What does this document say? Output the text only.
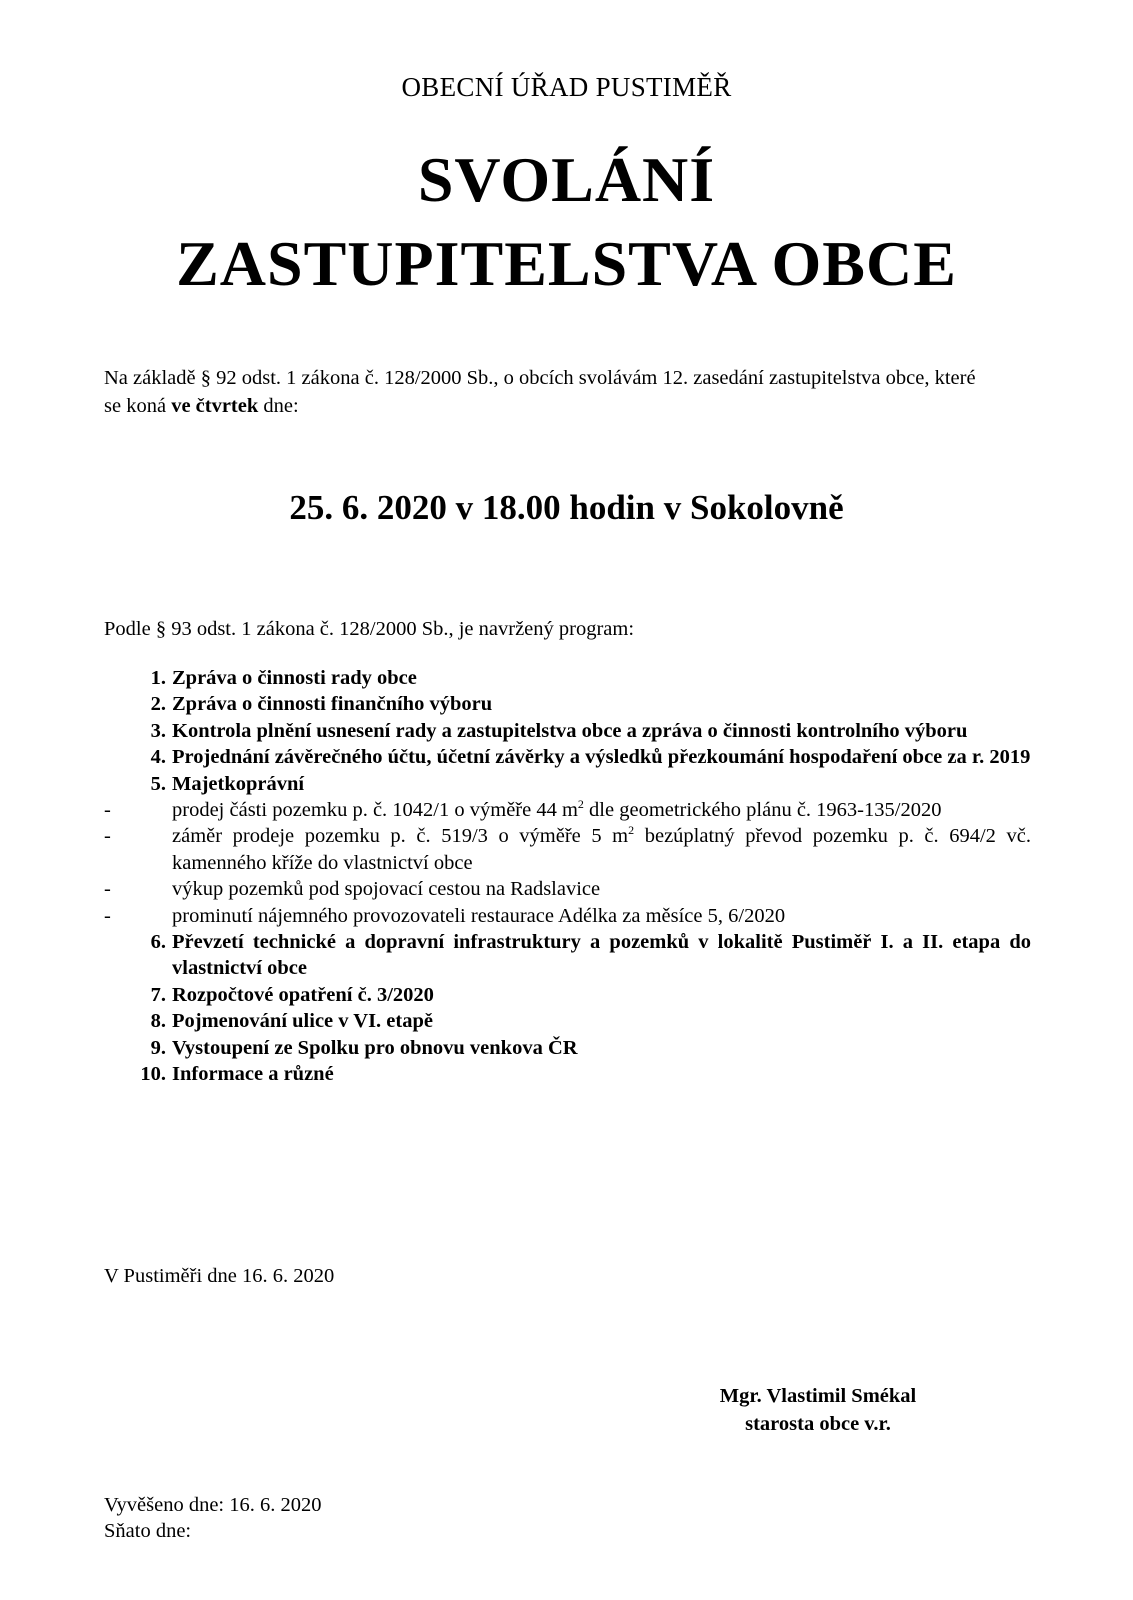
OBECNÍ ÚŘAD PUSTIMĚŘ
SVOLÁNÍ
ZASTUPITELSTVA OBCE
Na základě § 92 odst. 1 zákona č. 128/2000 Sb., o obcích svolávám 12. zasedání zastupitelstva obce, které se koná ve čtvrtek dne:
25. 6. 2020 v 18.00 hodin v Sokolovně
Podle § 93 odst. 1 zákona č. 128/2000 Sb., je navržený program:
1. Zpráva o činnosti rady obce
2. Zpráva o činnosti finančního výboru
3. Kontrola plnění usnesení rady a zastupitelstva obce a zpráva o činnosti kontrolního výboru
4. Projednání závěrečného účtu, účetní závěrky a výsledků přezkoumání hospodaření obce za r. 2019
5. Majetkoprávní
-	prodej části pozemku p. č. 1042/1 o výměře 44 $m^2$ dle geometrického plánu č. 1963-135/2020
-	záměr prodeje pozemku p. č. 519/3 o výměře 5 $m^2$ bezúplatný převod pozemku p. č. 694/2 vč. kamenného kříže do vlastnictví obce
-	výkup pozemků pod spojovací cestou na Radslavice
-	prominutí nájemného provozovateli restaurace Adélka za měsíce 5, 6/2020
6. Převzetí technické a dopravní infrastruktury a pozemků v lokalitě Pustiměř I. a II. etapa do vlastnictví obce
7. Rozpočtové opatření č. 3/2020
8. Pojmenování ulice v VI. etapě
9. Vystoupení ze Spolku pro obnovu venkova ČR
10. Informace a různé
V Pustiměři dne 16. 6. 2020
Mgr. Vlastimil Smékal
starosta obce v.r.
Vyvěšeno dne: 16. 6. 2020
Sňato dne:
